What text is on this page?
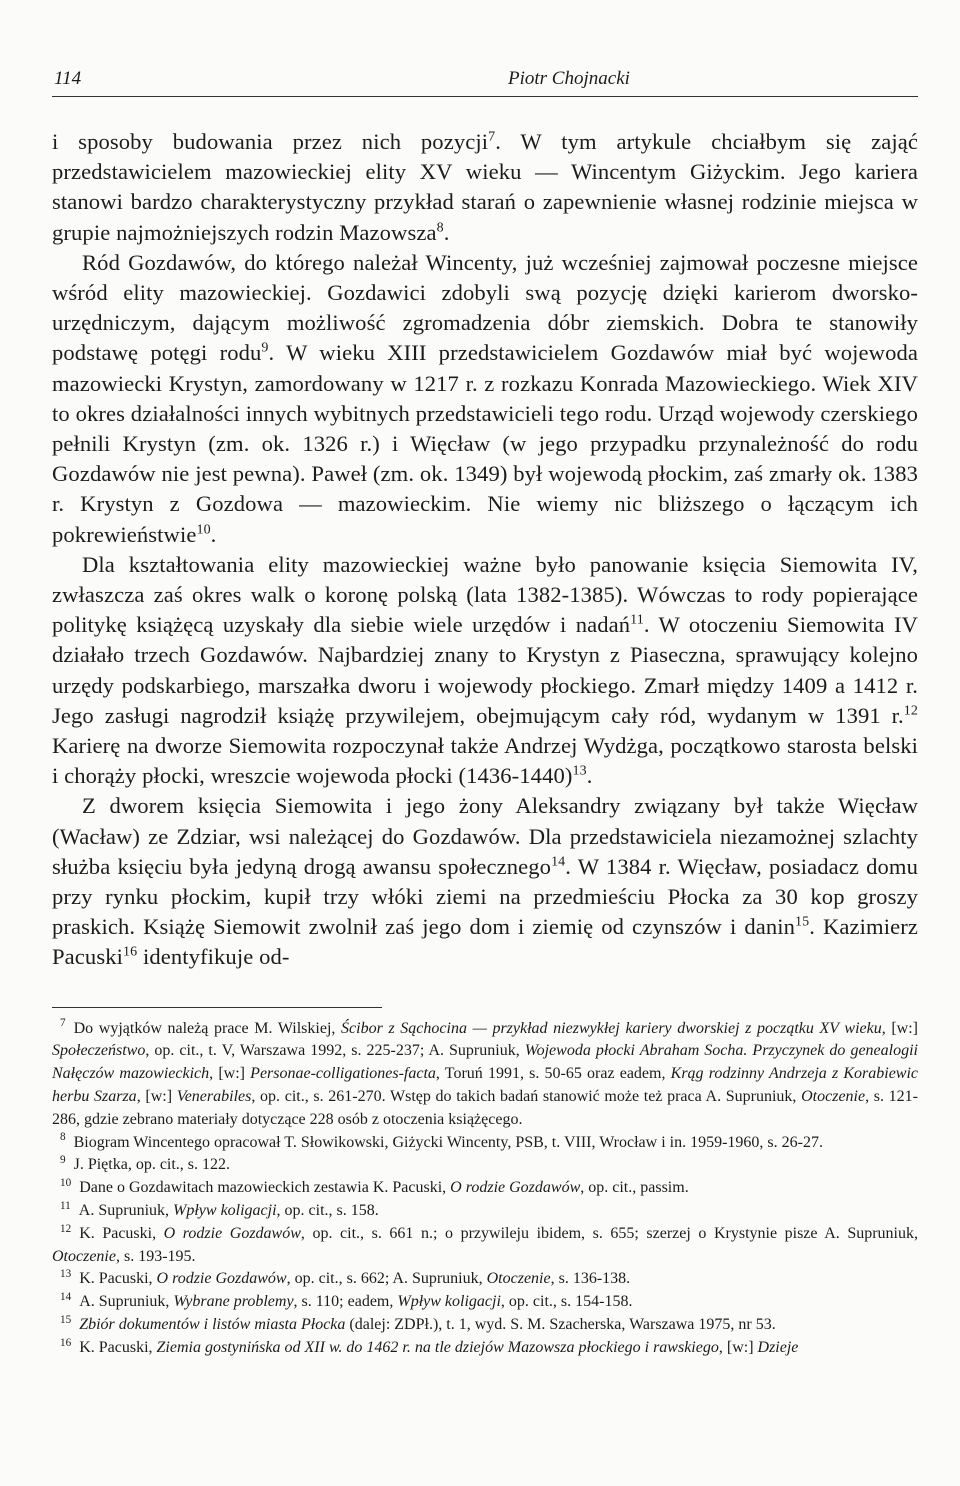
114	Piotr Chojnacki

i sposoby budowania przez nich pozycji$^7$. W tym artykule chciałbym się zająć przedstawicielem mazowieckiej elity XV wieku — Wincentym Giżyckim. Jego kariera stanowi bardzo charakterystyczny przykład starań o zapewnienie własnej rodzinie miejsca w grupie najmożniejszych rodzin Mazowsza$^8$.

Ród Gozdawów, do którego należał Wincenty, już wcześniej zajmował poczesne miejsce wśród elity mazowieckiej. Gozdawici zdobyli swą pozycję dzięki karierom dworsko-urzędniczym, dającym możliwość zgromadzenia dóbr ziemskich. Dobra te stanowiły podstawę potęgi rodu$^9$. W wieku XIII przedstawicielem Gozdawów miał być wojewoda mazowiecki Krystyn, zamordowany w 1217 r. z rozkazu Konrada Mazowieckiego. Wiek XIV to okres działalności innych wybitnych przedstawicieli tego rodu. Urząd wojewody czerskiego pełnili Krystyn (zm. ok. 1326 r.) i Więcław (w jego przypadku przynależność do rodu Gozdawów nie jest pewna). Paweł (zm. ok. 1349) był wojewodą płockim, zaś zmarły ok. 1383 r. Krystyn z Gozdowa — mazowieckim. Nie wiemy nic bliższego o łączącym ich pokrewieństwie$^{10}$.

Dla kształtowania elity mazowieckiej ważne było panowanie księcia Siemowita IV, zwłaszcza zaś okres walk o koronę polską (lata 1382-1385). Wówczas to rody popierające politykę książęcą uzyskały dla siebie wiele urzędów i nadań$^{11}$. W otoczeniu Siemowita IV działało trzech Gozdawów. Najbardziej znany to Krystyn z Piaseczna, sprawujący kolejno urzędy podskarbiego, marszałka dworu i wojewody płockiego. Zmarł między 1409 a 1412 r. Jego zasługi nagrodził książę przywilejem, obejmującym cały ród, wydanym w 1391 r.$^{12}$ Karierę na dworze Siemowita rozpoczynał także Andrzej Wydżga, początkowo starosta belski i chorąży płocki, wreszcie wojewoda płocki (1436-1440)$^{13}$.

Z dworem księcia Siemowita i jego żony Aleksandry związany był także Więcław (Wacław) ze Zdziar, wsi należącej do Gozdawów. Dla przedstawiciela niezamożnej szlachty służba księciu była jedyną drogą awansu społecznego$^{14}$. W 1384 r. Więcław, posiadacz domu przy rynku płockim, kupił trzy włóki ziemi na przedmieściu Płocka za 30 kop groszy praskich. Książę Siemowit zwolnił zaś jego dom i ziemię od czynszów i danin$^{15}$. Kazimierz Pacuski$^{16}$ identyfikuje od-

$^7$ Do wyjątków należą prace M. Wilskiej, Ścibor z Sąchocina — przykład niezwykłej kariery dworskiej z początku XV wieku, [w:] Społeczeństwo, op. cit., t. V, Warszawa 1992, s. 225-237; A. Supruniuk, Wojewoda płocki Abraham Socha. Przyczynek do genealogii Nałęczów mazowieckich, [w:] Personae-colligationes-facta, Toruń 1991, s. 50-65 oraz eadem, Krąg rodzinny Andrzeja z Korabiewic herbu Szarza, [w:] Venerabiles, op. cit., s. 261-270. Wstęp do takich badań stanowić może też praca A. Supruniuk, Otoczenie, s. 121-286, gdzie zebrano materiały dotyczące 228 osób z otoczenia książęcego.

$^8$ Biogram Wincentego opracował T. Słowikowski, Giżycki Wincenty, PSB, t. VIII, Wrocław i in. 1959-1960, s. 26-27.

$^9$ J. Piętka, op. cit., s. 122.

$^{10}$ Dane o Gozdawitach mazowieckich zestawia K. Pacuski, O rodzie Gozdawów, op. cit., passim.

$^{11}$ A. Supruniuk, Wpływ koligacji, op. cit., s. 158.

$^{12}$ K. Pacuski, O rodzie Gozdawów, op. cit., s. 661 n.; o przywileju ibidem, s. 655; szerzej o Krystynie pisze A. Supruniuk, Otoczenie, s. 193-195.

$^{13}$ K. Pacuski, O rodzie Gozdawów, op. cit., s. 662; A. Supruniuk, Otoczenie, s. 136-138.

$^{14}$ A. Supruniuk, Wybrane problemy, s. 110; eadem, Wpływ koligacji, op. cit., s. 154-158.

$^{15}$ Zbiór dokumentów i listów miasta Płocka (dalej: ZDPł.), t. 1, wyd. S. M. Szacherska, Warszawa 1975, nr 53.

$^{16}$ K. Pacuski, Ziemia gostynińska od XII w. do 1462 r. na tle dziejów Mazowsza płockiego i rawskiego, [w:] Dzieje
